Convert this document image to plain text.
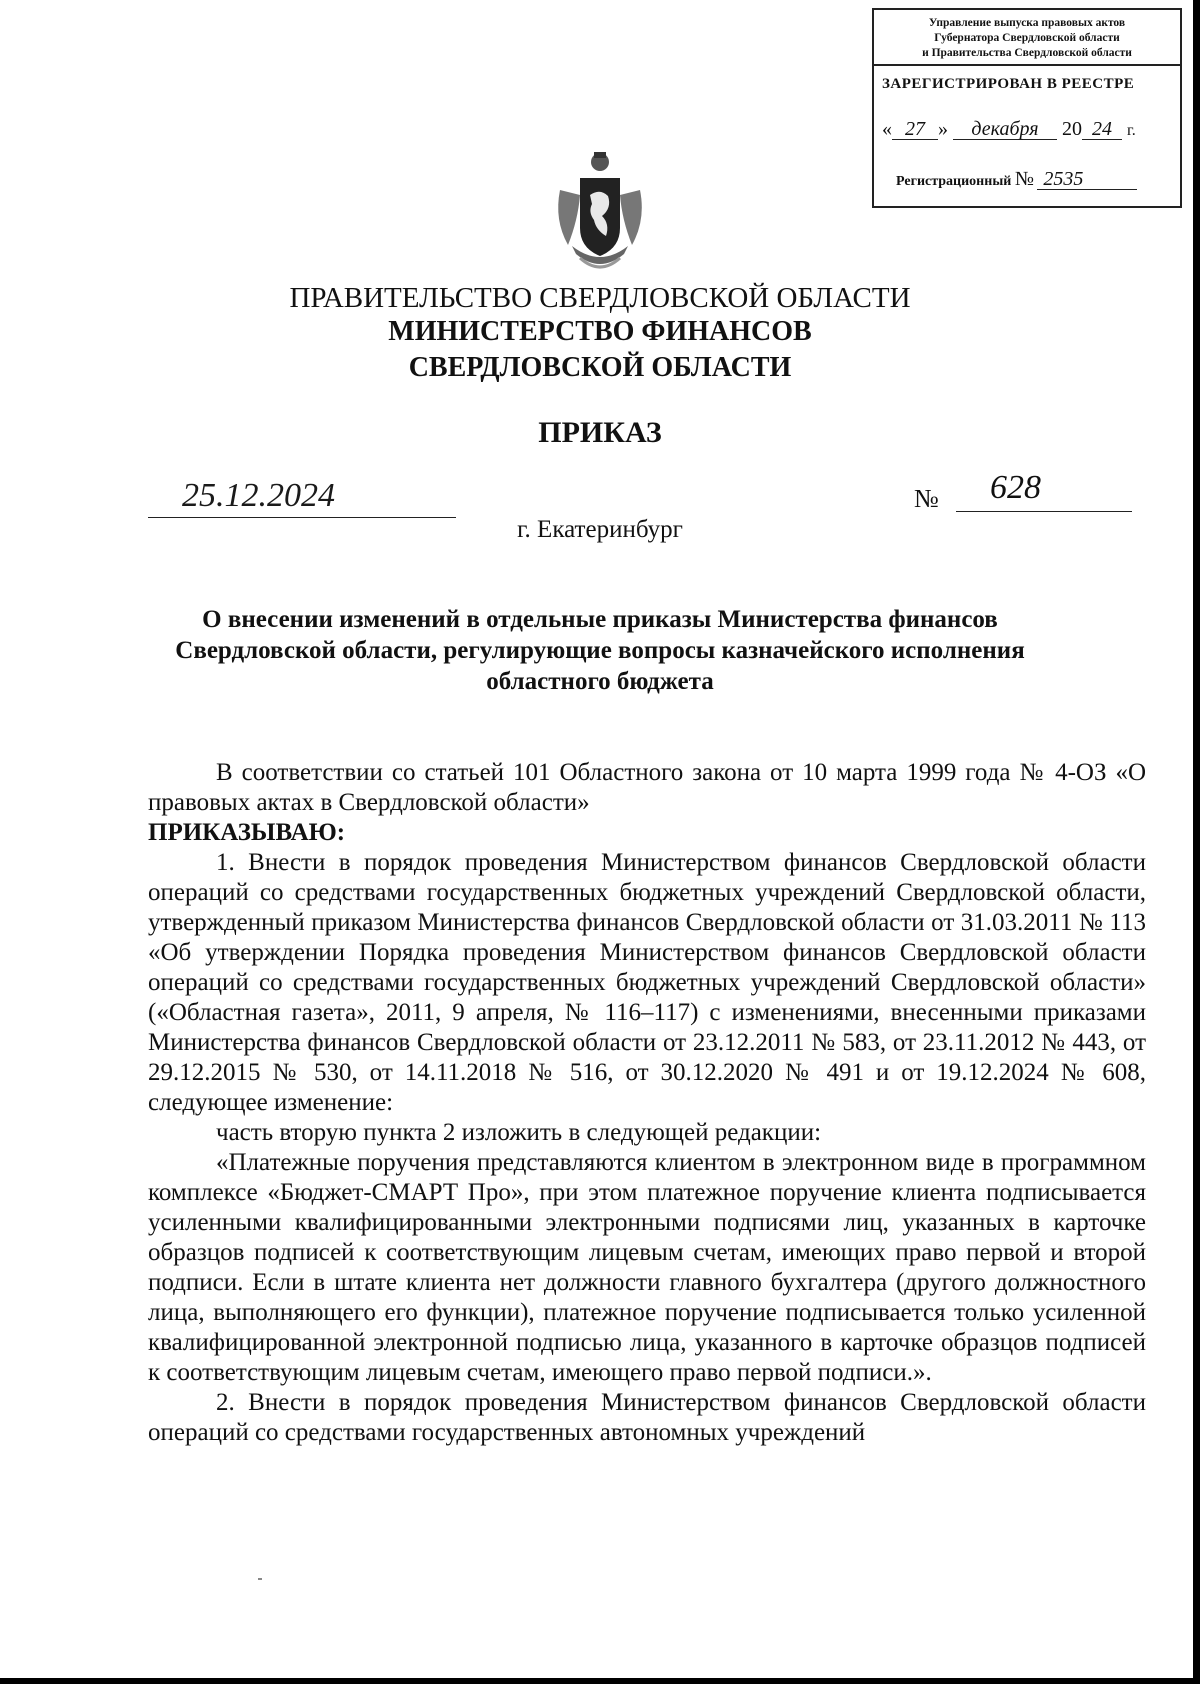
Управление выпуска правовых актов
Губернатора Свердловской области
и Правительства Свердловской области
ЗАРЕГИСТРИРОВАН В РЕЕСТРЕ
« 27 » декабря 20 24 г.
Регистрационный № 2535
ПРАВИТЕЛЬСТВО СВЕРДЛОВСКОЙ ОБЛАСТИ
МИНИСТЕРСТВО ФИНАНСОВ
СВЕРДЛОВСКОЙ ОБЛАСТИ
ПРИКАЗ
25.12.2024	№	628
г. Екатеринбург
О внесении изменений в отдельные приказы Министерства финансов
Свердловской области, регулирующие вопросы казначейского исполнения
областного бюджета

В соответствии со статьей 101 Областного закона от 10 марта 1999 года № 4-ОЗ «О правовых актах в Свердловской области»

ПРИКАЗЫВАЮ:

1. Внести в порядок проведения Министерством финансов Свердловской области операций со средствами государственных бюджетных учреждений Свердловской области, утвержденный приказом Министерства финансов Свердловской области от 31.03.2011 № 113 «Об утверждении Порядка проведения Министерством финансов Свердловской области операций со средствами государственных бюджетных учреждений Свердловской области» («Областная газета», 2011, 9 апреля, № 116–117) с изменениями, внесенными приказами Министерства финансов Свердловской области от 23.12.2011 № 583, от 23.11.2012 № 443, от 29.12.2015 № 530, от 14.11.2018 № 516, от 30.12.2020 № 491 и от 19.12.2024 № 608, следующее изменение:

часть вторую пункта 2 изложить в следующей редакции:

«Платежные поручения представляются клиентом в электронном виде в программном комплексе «Бюджет-СМАРТ Про», при этом платежное поручение клиента подписывается усиленными квалифицированными электронными подписями лиц, указанных в карточке образцов подписей к соответствующим лицевым счетам, имеющих право первой и второй подписи. Если в штате клиента нет должности главного бухгалтера (другого должностного лица, выполняющего его функции), платежное поручение подписывается только усиленной квалифицированной электронной подписью лица, указанного в карточке образцов подписей к соответствующим лицевым счетам, имеющего право первой подписи.».

2. Внести в порядок проведения Министерством финансов Свердловской области операций со средствами государственных автономных учреждений
